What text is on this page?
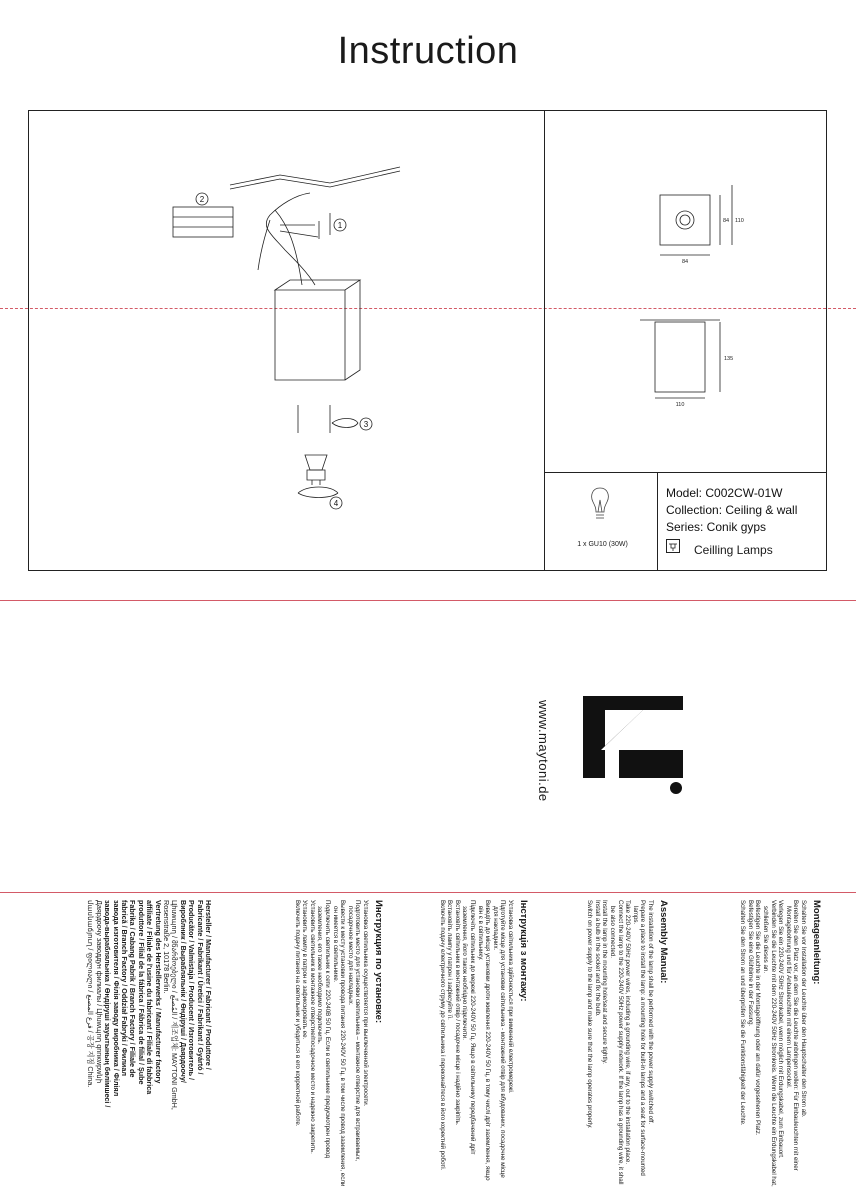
Instruction
1
2
3
4
84
84 110
110
135
1 x GU10 (30W)
Model: C002CW-01W
Collection: Ceiling & wall
Series: Conik gyps
Ceilling Lamps
www.maytoni.de
Montageanleitung:
Schalten Sie vor Installation der Leuchte über den Hauptschalter den Strom ab.
Bereiten Sie den Platz vor, an dem Sie die Leuchte anbringen wollen: Für Einbauleuchten mit einer Montagebohrung und für Anbauleuchten mit einem Lampensockel.
Verlegen Sie ein 220-240V 50Hz Stromkabel, wenn möglich mit Erdungskabel, zum Einbauort.
Verbinden Sie die Leuchte mit dem 220-240V 50Hz Stromkreis. Wenn die Leuchte ein Erdungskabel hat, schließen Sie dieses an.
Befestigen Sie die Leuchte in der Montageöffnung oder am dafür vorgesehenen Platz.
Befestigen Sie eine Glühbirne in der Fassung.
Schalten Sie den Strom an und überprüfen Sie die Funktionsfähigkeit der Leuchte.
Assembly Manual:
The installation of the lamp shall be performed with the power supply switched off.
Prepare a place to install the lamp: a mounting hole for built-in lamps and a seat for surface-mounted lamps.
Take 220-240V 50Hz power wires, including a grounding wire, if any, out to the installation place.
Connect the lamp to the 220-240V 50Hz power supply network. If the lamp has a grounding wire, it shall be also connected.
Install the lamp in the mounting hole/seat and secure tightly.
Install a bulb in the socket and fix the bulb.
Switch on power supply to the lamp and make sure that the lamp operates properly.
Інструкція з монтажу:
Установка світильника здійснюється при вимкненій електромережі.
Підготуйте місце для установки світильника - монтажний отвір для вбудованих, посадочне місце для накладних.
Виведіть до місця установки дроти живлення 220-240V 50 Гц, в тому числі дріт заземлення, якщо він є в світильнику.
Підключіть світильник до мережі 220-240V 50 Гц. Якщо в світильнику передбачений дріт заземлення, його також необхідно підключити.
Встановіть світильник в монтажний отвір / посадочне місце і надійно закріпіть.
Встановіть лампу у патрон і зафіксуйте її.
Включіть подачу електричного струму до світильника і переконайтеся в його коректній роботі.
Инструкция по установке:
Установка светильника осуществляется при выключенной электросети.
Подготовить место для установки светильника – монтажное отверстие для встраиваемых, посадочное место для накладных.
Вывести к месту установки провода питания 220-240V 50 Гц, в том числе провод заземления, если он имеется в светильнике.
Подключить светильник к сети 220-240В 50 Гц. Если в светильнике предусмотрен провод заземления, его также необходимо подключить.
Установить светильник в монтажное отверстие/посадочное место и надежно закрепить.
Установить лампу в патрон и зафиксировать ее.
Включить подачу питания на светильник и убедиться в его корректной работе.
Hersteller / Manufacturer / Fabricant / Produttore /
Fabricante / Fabrikant / Üretici / Fabrikant / Gyártó /
Producător / Valmistaja / Producent / Изготовитель /
Вироблник / Вырабляльнiк / Өндіруші / Даярдоочу/
Цhuwպnղ / მწარმოებელი / المُصنِّع / 제조업체: MAYTONI GmbH,
Rosenstraße 2, 10178 Berlin.
Vertretung des Herstellerwerks / Manufacturer factory
affiliate / Filiale de l'usine du fabricant / Filiale di fabbrica
produttore / Filial de la fábrica / Fábrica de filial / Şube
Fabrika / Cabang Pabrik / Branch Factory / Filiale de
fabrică / Branch Factory / Oddział Fabryki / Филиал
завода изготовителя / Філія заводу виробника / Філіял
завода-вырабляльніка / Өндіруші зауытының бөлімшесі /
Даярдоочу заводдун филиалы / Цhuwպnղ qnnĸwpwնի
մասնաճյուղ / ფილიალი / فرع المصنع / 공장 지점 China.
